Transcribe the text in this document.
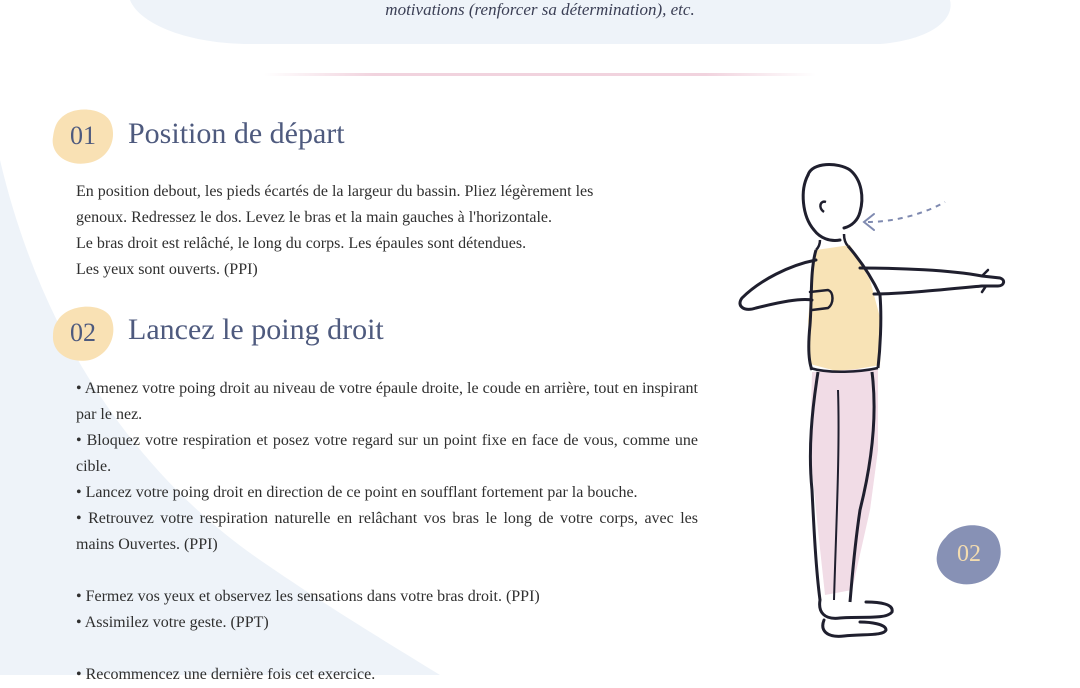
motivations (renforcer sa détermination), etc.
01 Position de départ

En position debout, les pieds écartés de la largeur du bassin. Pliez légèrement les

genoux. Redressez le dos. Levez le bras et la main gauches à l'horizontale.

Le bras droit est relâché, le long du corps. Les épaules sont détendues.

Les yeux sont ouverts. (PPI)

02 Lancez le poing droit

• Amenez votre poing droit au niveau de votre épaule droite, le coude en arrière, tout en inspirant par le nez.

• Bloquez votre respiration et posez votre regard sur un point fixe en face de vous, comme une cible.

• Lancez votre poing droit en direction de ce point en soufflant fortement par la bouche.

• Retrouvez votre respiration naturelle en relâchant vos bras le long de votre corps, avec les mains Ouvertes. (PPI)

• Fermez vos yeux et observez les sensations dans votre bras droit. (PPI)

• Assimilez votre geste. (PPT)

• Recommencez une dernière fois cet exercice.

02
